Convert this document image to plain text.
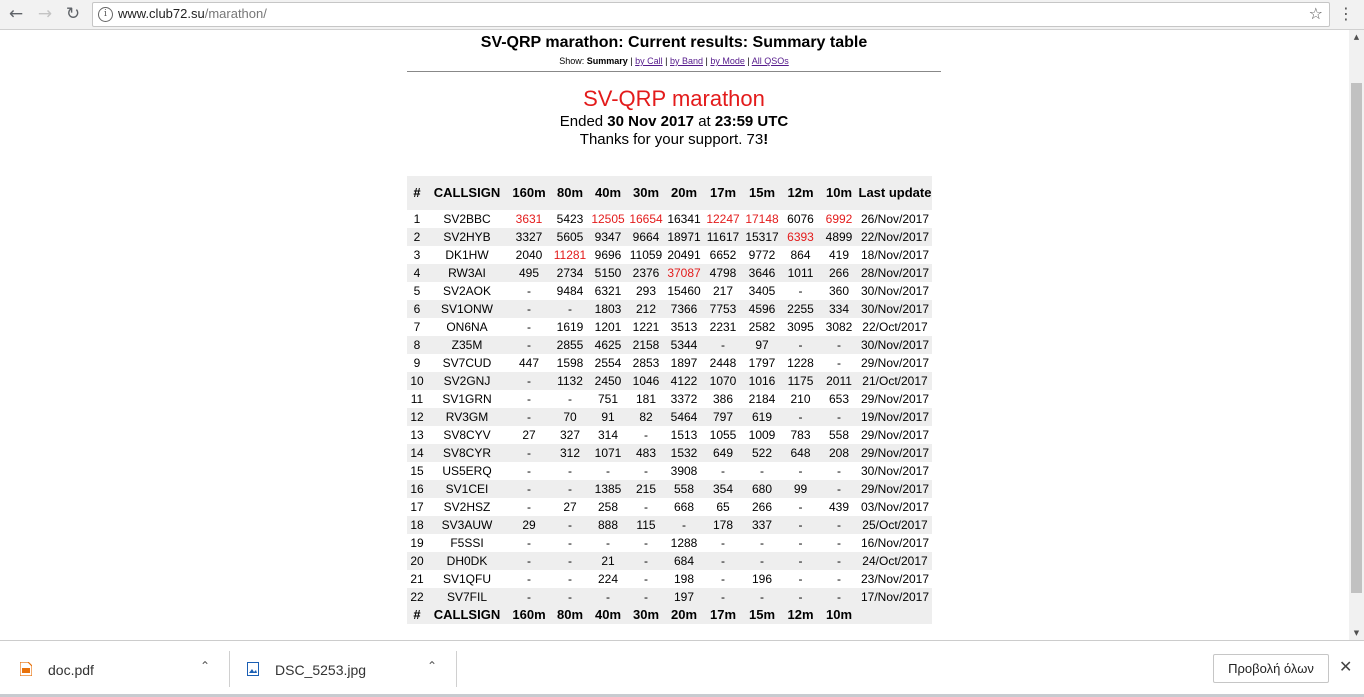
← → ↻	i www.club72.su/marathon/	☆ ⋮
SV-QRP marathon: Current results: Summary table
Show: Summary | by Call | by Band | by Mode | All QSOs
SV-QRP marathon
Ended 30 Nov 2017 at 23:59 UTC
Thanks for your support. 73!
#	CALLSIGN	160m	80m	40m	30m	20m	17m	15m	12m	10m	Last update
1	SV2BBC	3631	5423	12505	16654	16341	12247	17148	6076	6992	26/Nov/2017
2	SV2HYB	3327	5605	9347	9664	18971	11617	15317	6393	4899	22/Nov/2017
3	DK1HW	2040	11281	9696	11059	20491	6652	9772	864	419	18/Nov/2017
4	RW3AI	495	2734	5150	2376	37087	4798	3646	1011	266	28/Nov/2017
5	SV2AOK	-	9484	6321	293	15460	217	3405	-	360	30/Nov/2017
6	SV1ONW	-	-	1803	212	7366	7753	4596	2255	334	30/Nov/2017
7	ON6NA	-	1619	1201	1221	3513	2231	2582	3095	3082	22/Oct/2017
8	Z35M	-	2855	4625	2158	5344	-	97	-	-	30/Nov/2017
9	SV7CUD	447	1598	2554	2853	1897	2448	1797	1228	-	29/Nov/2017
10	SV2GNJ	-	1132	2450	1046	4122	1070	1016	1175	2011	21/Oct/2017
11	SV1GRN	-	-	751	181	3372	386	2184	210	653	29/Nov/2017
12	RV3GM	-	70	91	82	5464	797	619	-	-	19/Nov/2017
13	SV8CYV	27	327	314	-	1513	1055	1009	783	558	29/Nov/2017
14	SV8CYR	-	312	1071	483	1532	649	522	648	208	29/Nov/2017
15	US5ERQ	-	-	-	-	3908	-	-	-	-	30/Nov/2017
16	SV1CEI	-	-	1385	215	558	354	680	99	-	29/Nov/2017
17	SV2HSZ	-	27	258	-	668	65	266	-	439	03/Nov/2017
18	SV3AUW	29	-	888	115	-	178	337	-	-	25/Oct/2017
19	F5SSI	-	-	-	-	1288	-	-	-	-	16/Nov/2017
20	DH0DK	-	-	21	-	684	-	-	-	-	24/Oct/2017
21	SV1QFU	-	-	224	-	198	-	196	-	-	23/Nov/2017
22	SV7FIL	-	-	-	-	197	-	-	-	-	17/Nov/2017
#	CALLSIGN	160m	80m	40m	30m	20m	17m	15m	12m	10m	
▲
▼
doc.pdf	⌃	DSC_5253.jpg	⌃	Προβολή όλων	✕
